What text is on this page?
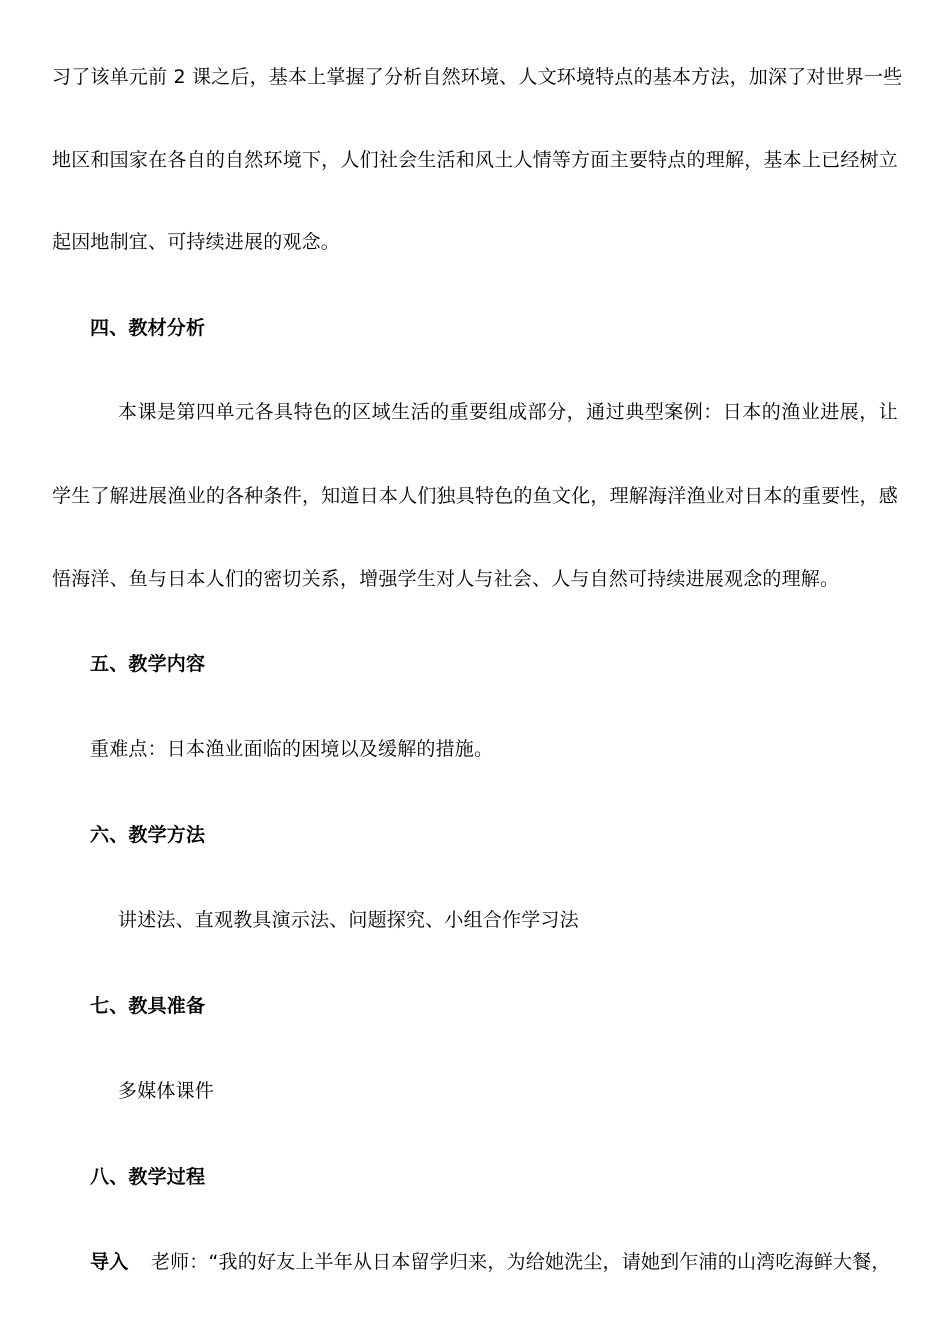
习了该单元前 2 课之后，基本上掌握了分析自然环境、人文环境特点的基本方法，加深了对世界一些
地区和国家在各自的自然环境下，人们社会生活和风土人情等方面主要特点的理解，基本上已经树立
起因地制宜、可持续进展的观念。
四、教材分析
本课是第四单元各具特色的区域生活的重要组成部分，通过典型案例：日本的渔业进展，让
学生了解进展渔业的各种条件，知道日本人们独具特色的鱼文化，理解海洋渔业对日本的重要性，感
悟海洋、鱼与日本人们的密切关系，增强学生对人与社会、人与自然可持续进展观念的理解。
五、教学内容
重难点：日本渔业面临的困境以及缓解的措施。
六、教学方法
讲述法、直观教具演示法、问题探究、小组合作学习法
七、教具准备
多媒体课件
八、教学过程
导入 老师：“我的好友上半年从日本留学归来，为给她洗尘，请她到乍浦的山湾吃海鲜大餐，
